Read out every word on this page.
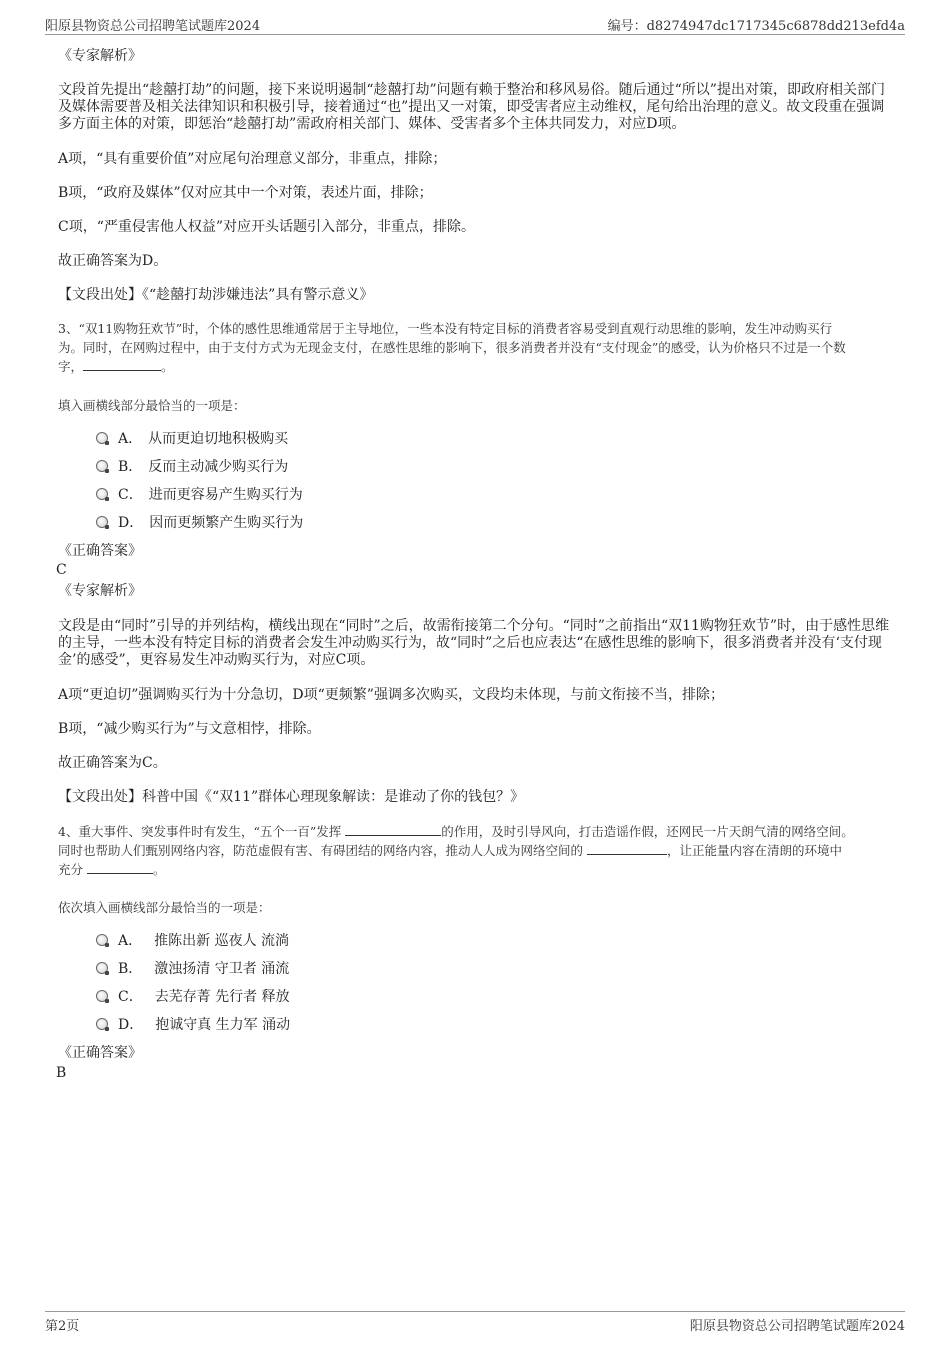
阳原县物资总公司招聘笔试题库2024	编号：d8274947dc1717345c6878dd213efd4a
《专家解析》
文段首先提出“趁囍打劫”的问题，接下来说明遏制“趁囍打劫”问题有赖于整治和移风易俗。随后通过“所以”提出对策，即政府相关部门及媒体需要普及相关法律知识和积极引导，接着通过“也”提出又一对策，即受害者应主动维权，尾句给出治理的意义。故文段重在强调多方面主体的对策，即惩治“趁囍打劫”需政府相关部门、媒体、受害者多个主体共同发力，对应D项。
A项，“具有重要价值”对应尾句治理意义部分，非重点，排除；
B项，“政府及媒体”仅对应其中一个对策，表述片面，排除；
C项，“严重侵害他人权益”对应开头话题引入部分，非重点，排除。
故正确答案为D。
【文段出处】《“趁囍打劫涉嫌违法”具有警示意义》
3、“双11购物狂欢节”时，个体的感性思维通常居于主导地位，一些本没有特定目标的消费者容易受到直观行动思维的影响，发生冲动购买行
为。同时，在网购过程中，由于支付方式为无现金支付，在感性思维的影响下，很多消费者并没有“支付现金”的感受，认为价格只不过是一个数
字，	。
填入画横线部分最恰当的一项是：
A． 从而更迫切地积极购买
B． 反而主动减少购买行为
C． 进而更容易产生购买行为
D． 因而更频繁产生购买行为
《正确答案》
C
《专家解析》
文段是由“同时”引导的并列结构，横线出现在“同时”之后，故需衔接第二个分句。“同时”之前指出“双11购物狂欢节”时，由于感性思维的主导，一些本没有特定目标的消费者会发生冲动购买行为，故“同时”之后也应表达“在感性思维的影响下，很多消费者并没有‘支付现金’的感受”，更容易发生冲动购买行为，对应C项。
A项“更迫切”强调购买行为十分急切，D项“更频繁”强调多次购买，文段均未体现，与前文衔接不当，排除；
B项，“减少购买行为”与文意相悖，排除。
故正确答案为C。
【文段出处】科普中国《“双11”群体心理现象解读：是谁动了你的钱包？》
4、重大事件、突发事件时有发生，“五个一百”发挥	的作用，及时引导风向，打击造谣作假，还网民一片天朗气清的网络空间。
同时也帮助人们甄别网络内容，防范虚假有害、有碍团结的网络内容，推动人人成为网络空间的	，让正能量内容在清朗的环境中
充分	。
依次填入画横线部分最恰当的一项是：
A． 推陈出新 巡夜人 流淌
B． 激浊扬清 守卫者 涌流
C． 去芜存菁 先行者 释放
D． 抱诚守真 生力军 涌动
《正确答案》
B
第2页	阳原县物资总公司招聘笔试题库2024
